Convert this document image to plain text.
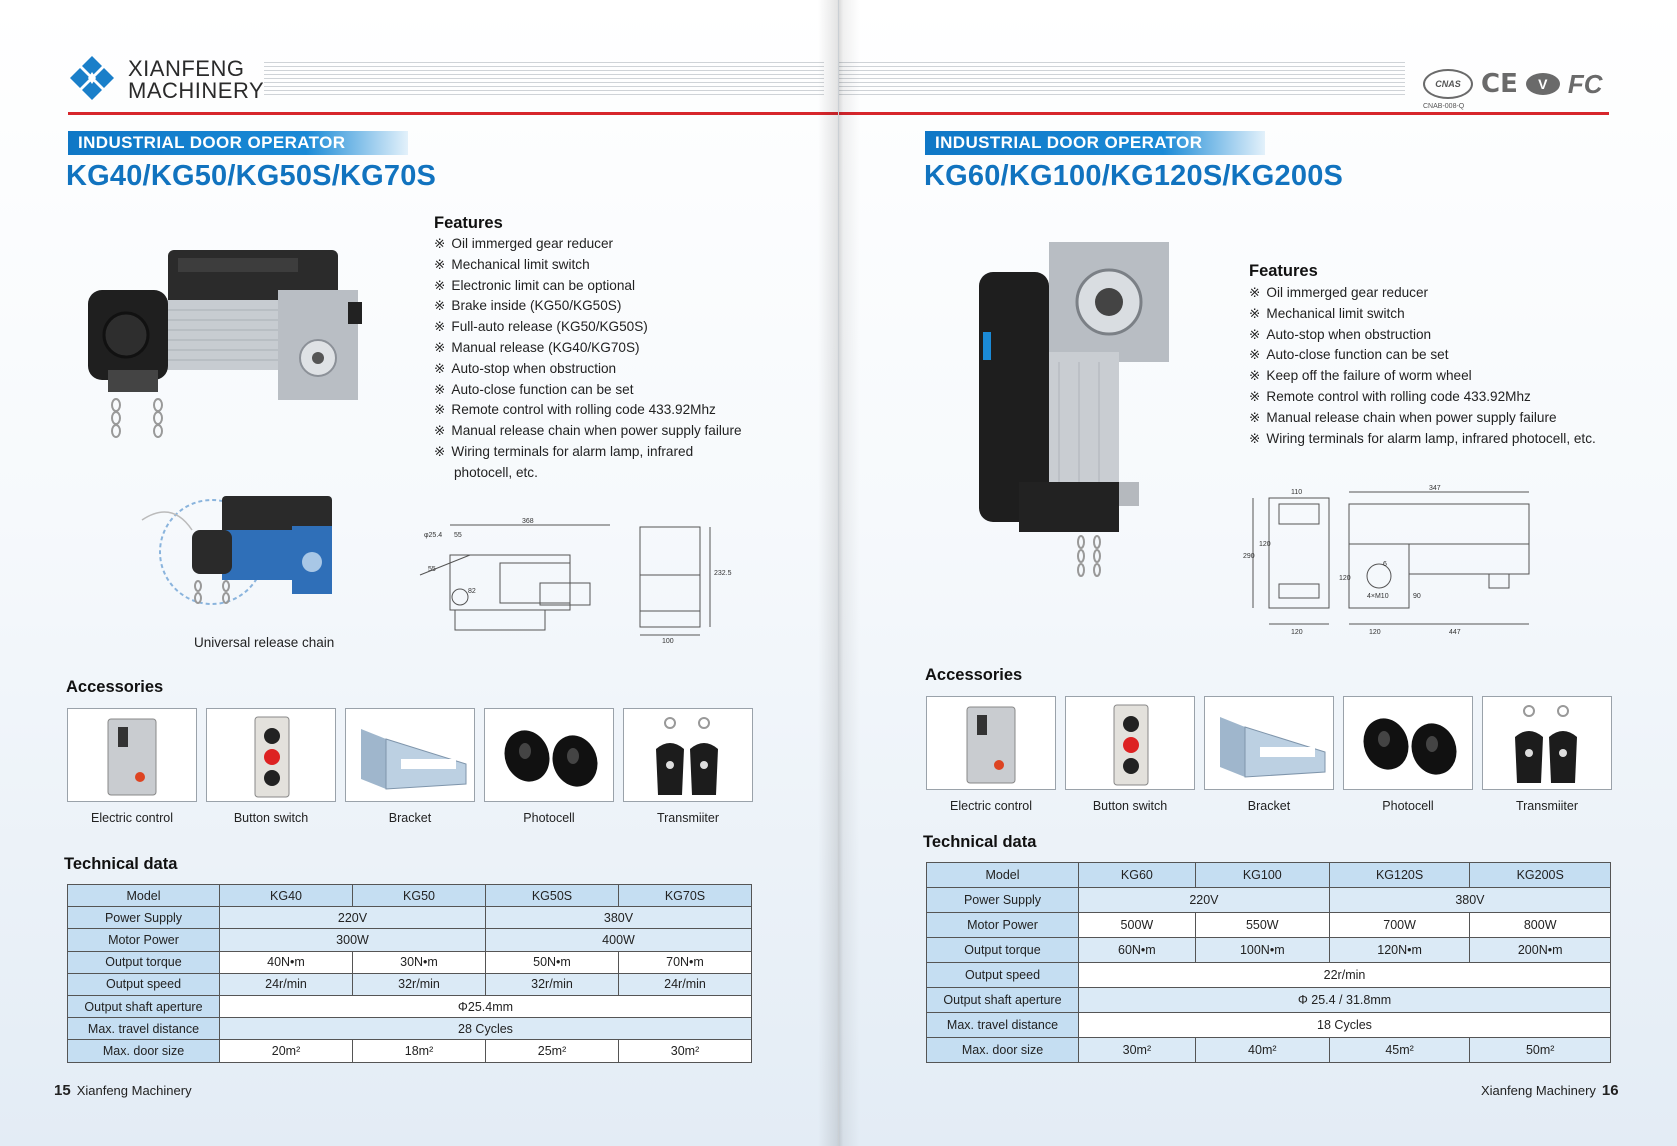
XIANFENG
MACHINERY
INDUSTRIAL DOOR OPERATOR
KG40/KG50/KG50S/KG70S
Features
※ Oil immerged gear reducer
※ Mechanical limit switch
※ Electronic limit can be optional
※ Brake inside (KG50/KG50S)
※ Full-auto release (KG50/KG50S)
※ Manual release (KG40/KG70S)
※ Auto-stop when obstruction
※ Auto-close function can be set
※ Remote control with rolling code 433.92Mhz
※ Manual release chain when power supply failure
※ Wiring terminals for alarm lamp, infrared
photocell, etc.
Universal release chain
φ25.4 55
368
55
82
232.5
100
Accessories
Electric control	Button switch	Bracket	Photocell	Transmiiter
Technical data
Model	KG40	KG50	KG50S	KG70S
Power Supply	220V		380V	
Motor Power	300W		400W	
Output torque	40N•m	30N•m	50N•m	70N•m
Output speed	24r/min	32r/min	32r/min	24r/min
Output shaft aperture	Φ25.4mm			
Max. travel distance	28 Cycles			
Max. door size	20m²	18m²	25m²	30m²
15 Xianfeng Machinery
CNAS
CNAB-008-Q
CE	V FC
INDUSTRIAL DOOR OPERATOR
KG60/KG100/KG120S/KG200S
Features
※ Oil immerged gear reducer
※ Mechanical limit switch
※ Auto-stop when obstruction
※ Auto-close function can be set
※ Keep off the failure of worm wheel
※ Remote control with rolling code 433.92Mhz
※ Manual release chain when power supply failure
※ Wiring terminals for alarm lamp, infrared photocell, etc.
110
290
120
120
347
120
4×M10	90
120	447
6
Accessories
Electric control	Button switch	Bracket	Photocell	Transmiiter
Technical data
Model	KG60	KG100	KG120S	KG200S
Power Supply	220V		380V	
Motor Power	500W	550W	700W	800W
Output torque	60N•m	100N•m	120N•m	200N•m
Output speed	22r/min			
Output shaft aperture	Φ 25.4 / 31.8mm			
Max. travel distance	18 Cycles			
Max. door size	30m²	40m²	45m²	50m²
Xianfeng Machinery 16
